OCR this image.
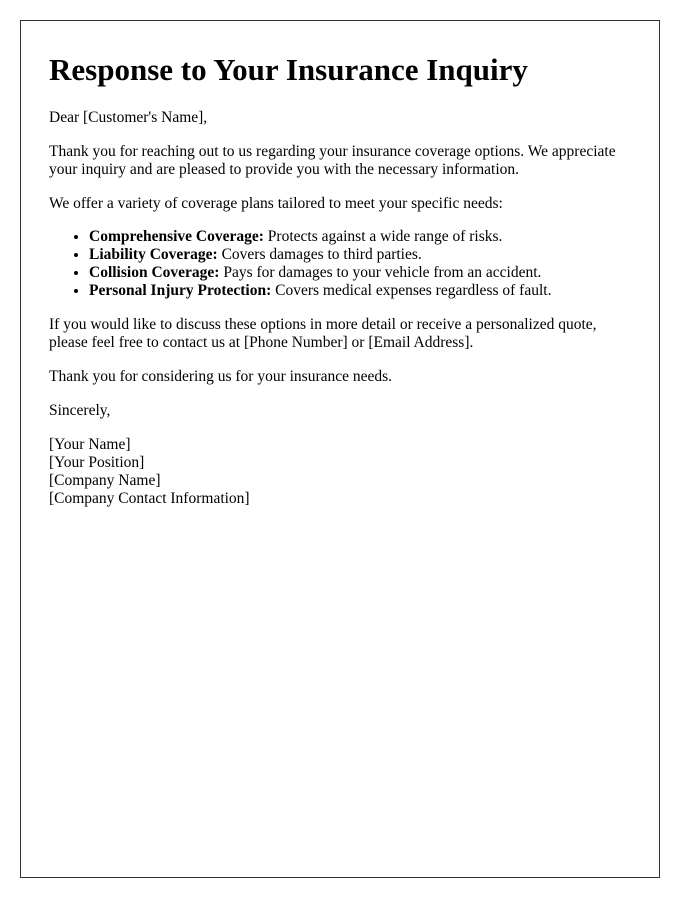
Response to Your Insurance Inquiry

Dear [Customer's Name],

Thank you for reaching out to us regarding your insurance coverage options. We appreciate your inquiry and are pleased to provide you with the necessary information.

We offer a variety of coverage plans tailored to meet your specific needs:

• Comprehensive Coverage: Protects against a wide range of risks.
• Liability Coverage: Covers damages to third parties.
• Collision Coverage: Pays for damages to your vehicle from an accident.
• Personal Injury Protection: Covers medical expenses regardless of fault.

If you would like to discuss these options in more detail or receive a personalized quote, please feel free to contact us at [Phone Number] or [Email Address].

Thank you for considering us for your insurance needs.

Sincerely,

[Your Name]
[Your Position]
[Company Name]
[Company Contact Information]
